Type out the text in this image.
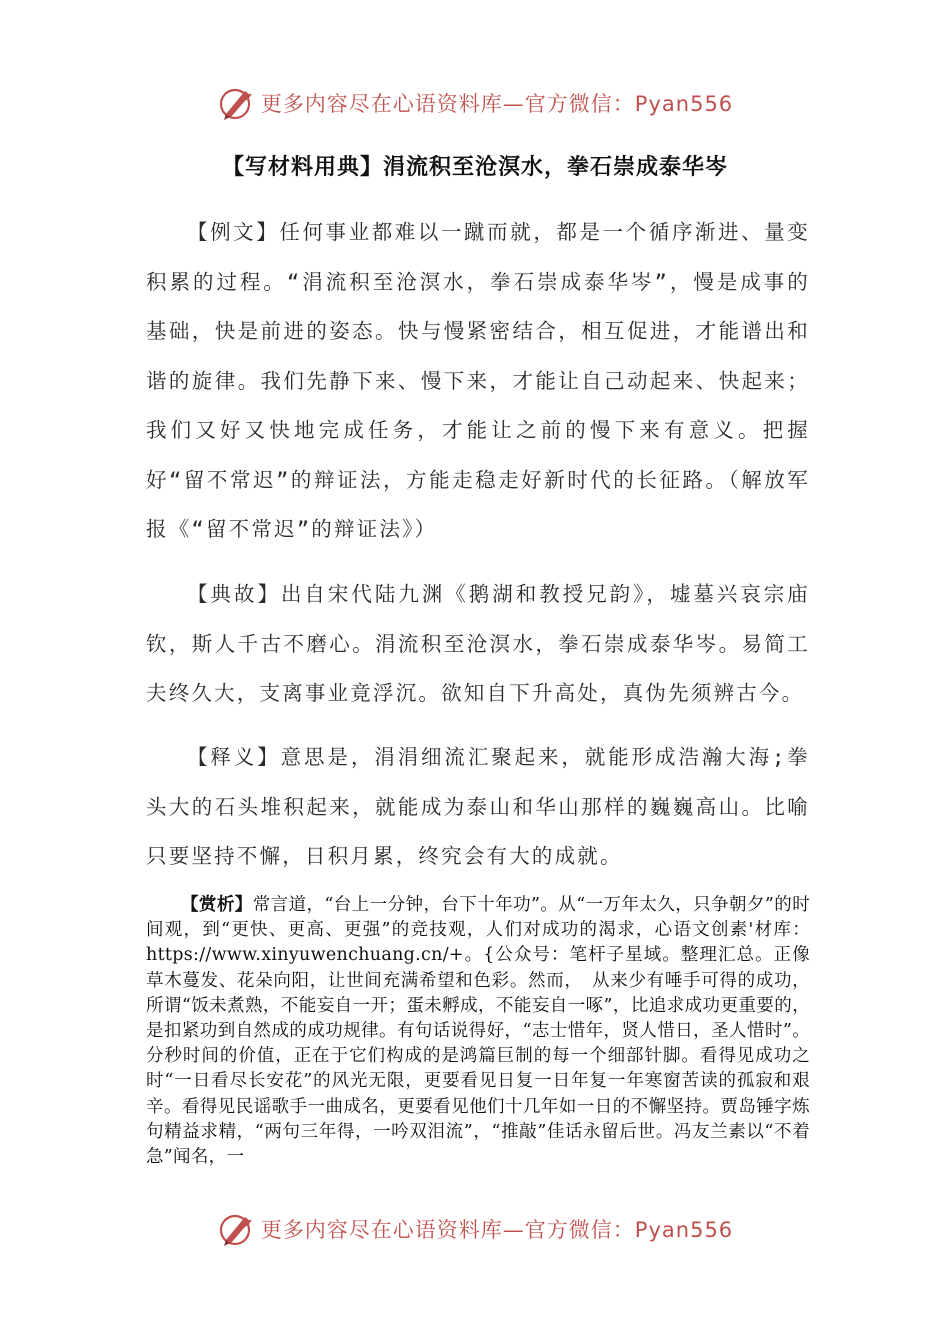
更多内容尽在心语资料库—官方微信：Pyan556
【写材料用典】涓流积至沧溟水，拳石崇成泰华岑

【例文】任何事业都难以一蹴而就，都是一个循序渐进、量变积累的过程。“涓流积至沧溟水，拳石崇成泰华岑”，慢是成事的基础，快是前进的姿态。快与慢紧密结合，相互促进，才能谱出和谐的旋律。我们先静下来、慢下来，才能让自己动起来、快起来；我们又好又快地完成任务，才能让之前的慢下来有意义。把握好“留不常迟”的辩证法，方能走稳走好新时代的长征路。（解放军报《“留不常迟”的辩证法》）

【典故】出自宋代陆九渊《鹅湖和教授兄韵》，墟墓兴哀宗庙钦，斯人千古不磨心。涓流积至沧溟水，拳石崇成泰华岑。易简工夫终久大，支离事业竟浮沉。欲知自下升高处，真伪先须辨古今。

【释义】意思是，涓涓细流汇聚起来，就能形成浩瀚大海;拳头大的石头堆积起来，就能成为泰山和华山那样的巍巍高山。比喻只要坚持不懈，日积月累，终究会有大的成就。

【赏析】常言道，“台上一分钟，台下十年功”。从“一万年太久，只争朝夕”的时间观，到“更快、更高、更强”的竞技观，人们对成功的渴求，心语文创素'材库：https://www.xinyuwenchuang.cn/+。{公众号：笔杆子星域。整理汇总。正像草木蔓发、花朵向阳，让世间充满希望和色彩。然而，　从来少有唾手可得的成功，所谓“饭未煮熟，不能妄自一开；蛋未孵成，不能妄自一啄”，比追求成功更重要的，是扣紧功到自然成的成功规律。有句话说得好，“志士惜年，贤人惜日，圣人惜时”。分秒时间的价值，正在于它们构成的是鸿篇巨制的每一个细部针脚。看得见成功之时“一日看尽长安花”的风光无限，更要看见日复一日年复一年寒窗苦读的孤寂和艰辛。看得见民谣歌手一曲成名，更要看见他们十几年如一日的不懈坚持。贾岛锤字炼句精益求精，“两句三年得，一吟双泪流”，“推敲”佳话永留后世。冯友兰素以“不着急”闻名，一

更多内容尽在心语资料库—官方微信：Pyan556
